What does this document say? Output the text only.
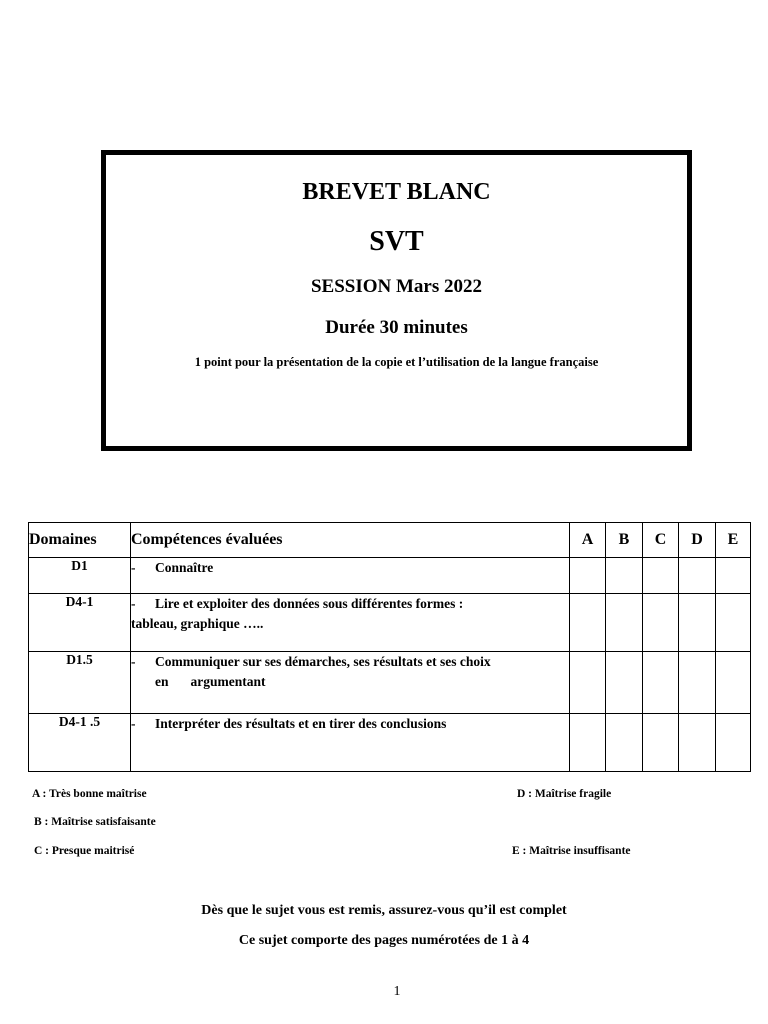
BREVET BLANC
SVT
SESSION Mars 2022
Durée 30 minutes
1 point pour la présentation de la copie et l’utilisation de la langue française
Domaines	Compétences évaluées	A	B	C	D	E
D1	- Connaître					
D4-1	- Lire et exploiter des données sous différentes formes :
tableau, graphique …..					
D1.5	- Communiquer sur ses démarches, ses résultats et ses choix
en argumentant					
D4-1 .5	- Interpréter des résultats et en tirer des conclusions					
A : Très bonne maîtrise	D : Maîtrise fragile
B : Maîtrise satisfaisante
C : Presque maitrisé	E : Maîtrise insuffisante
Dès que le sujet vous est remis, assurez-vous qu’il est complet
Ce sujet comporte des pages numérotées de 1 à 4
1
